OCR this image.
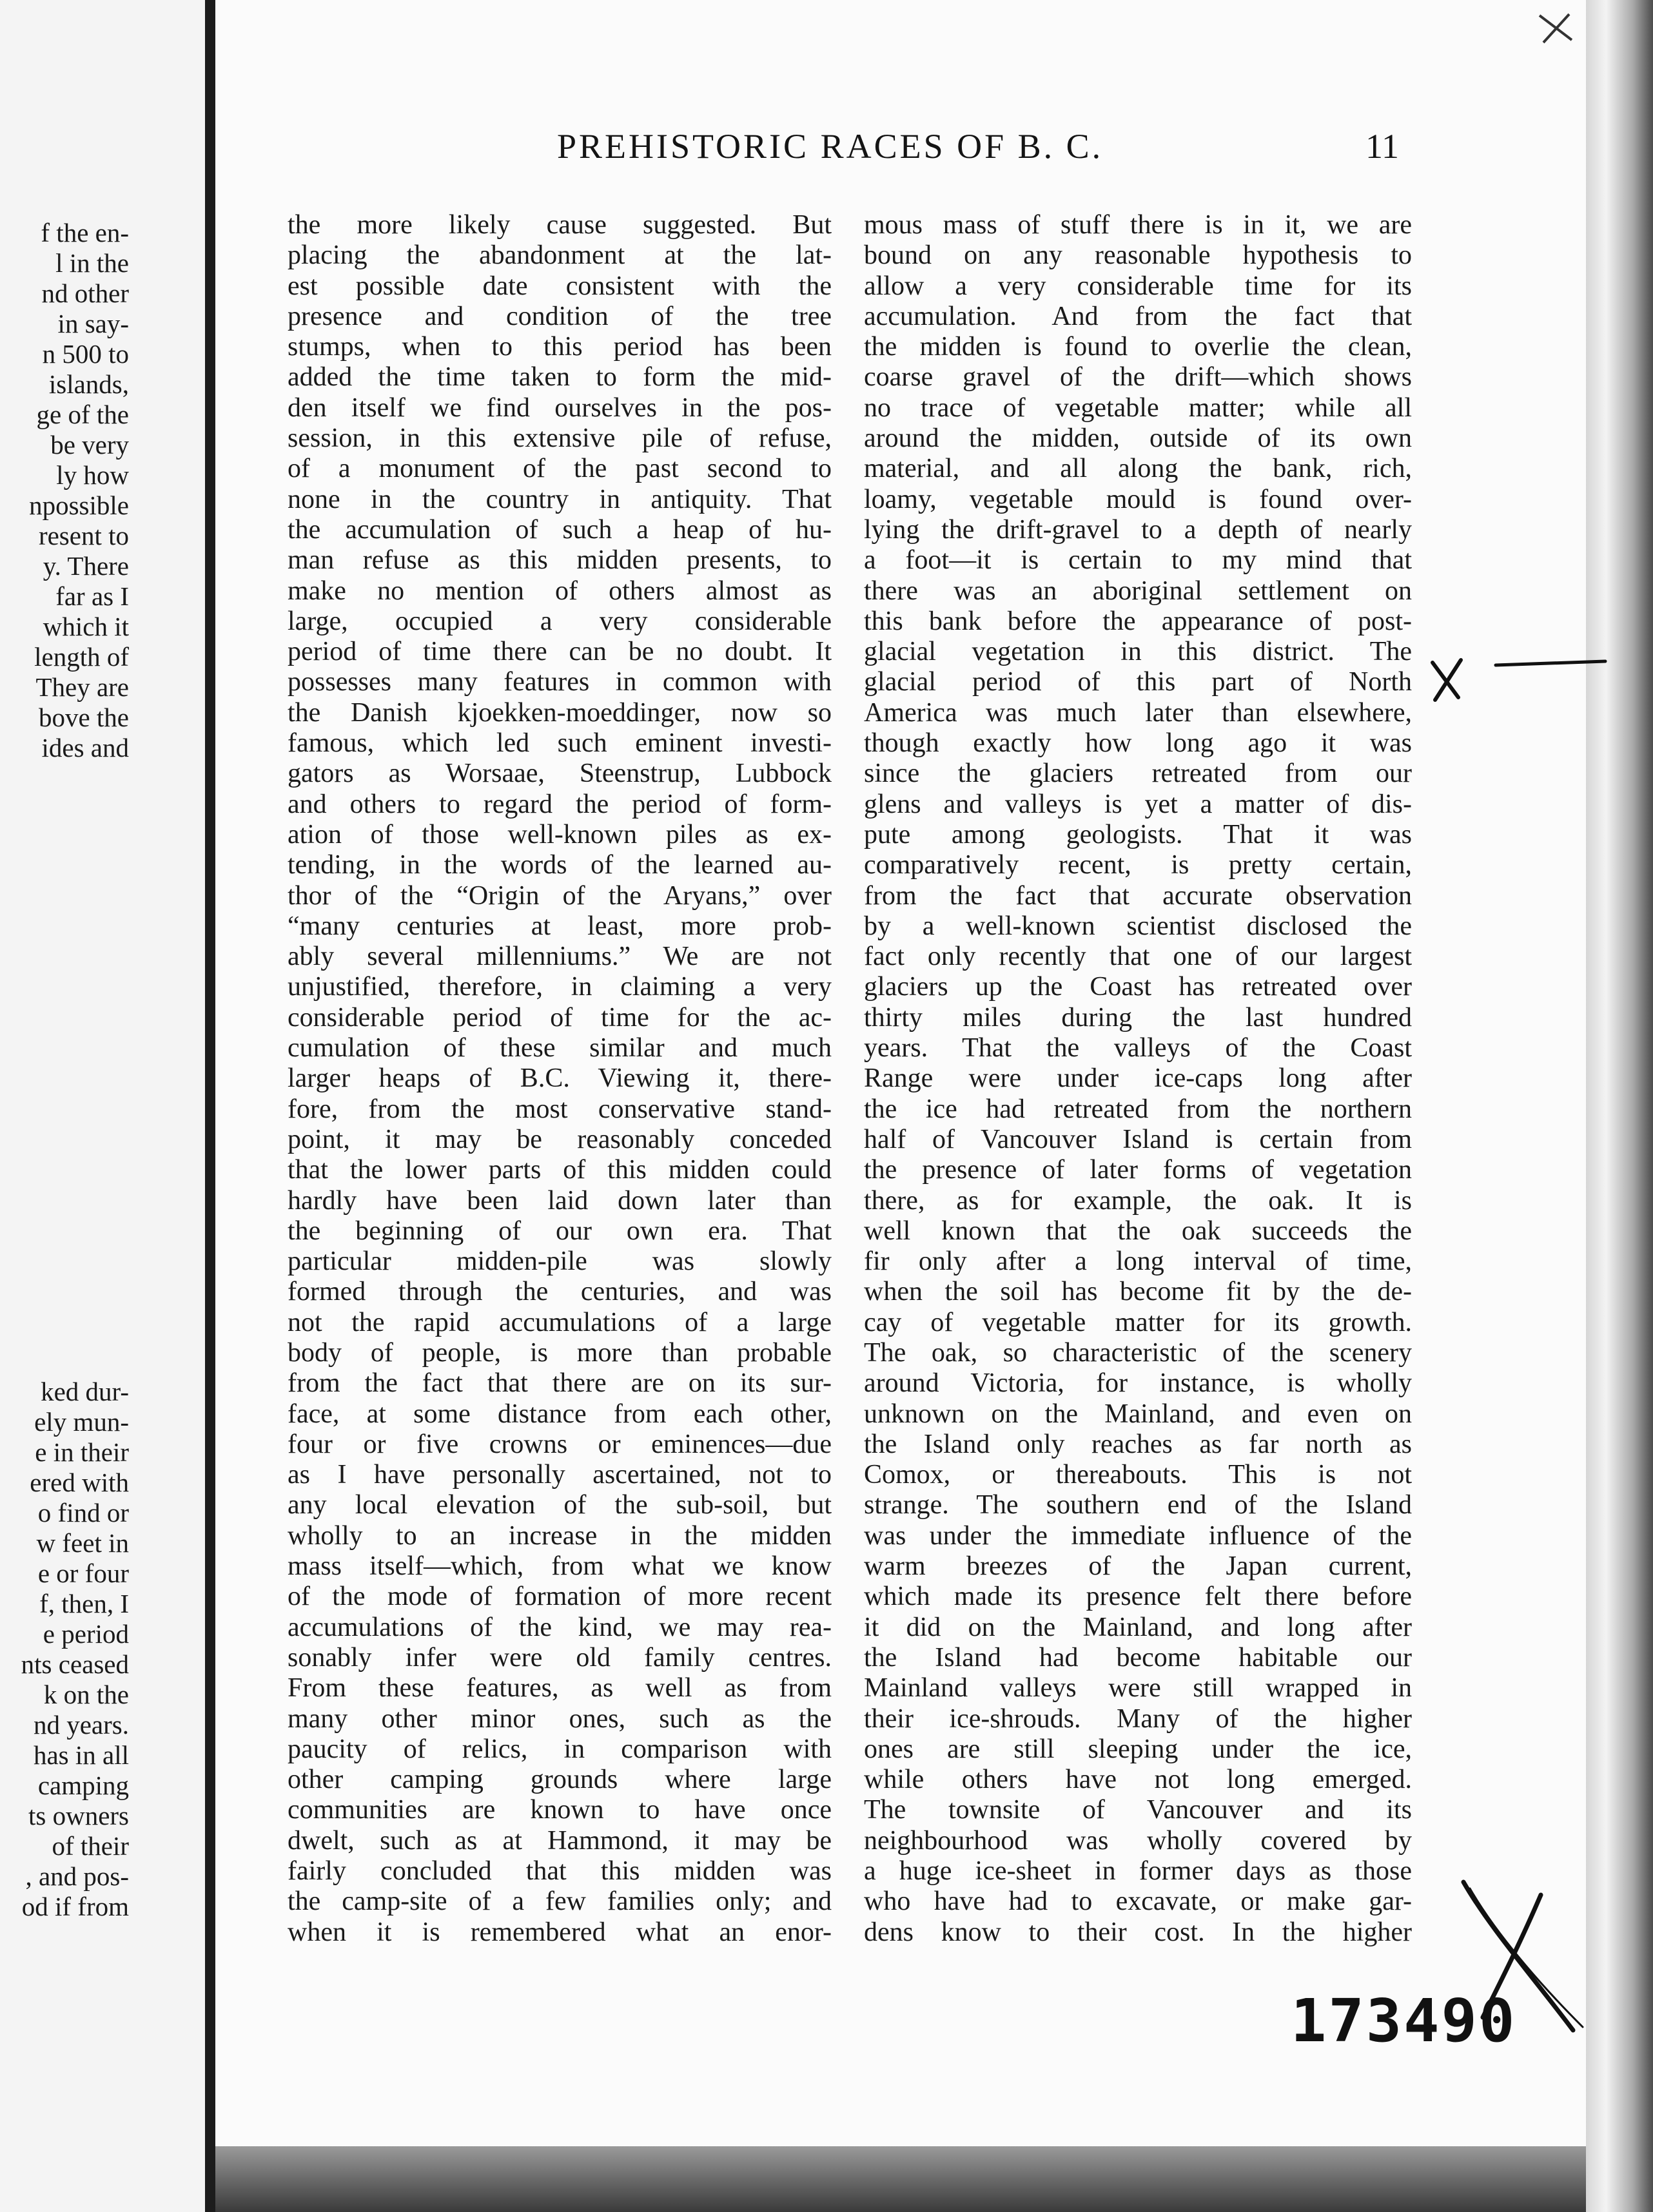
f the en-
l in the
nd other
in say-
n 500 to
islands,
ge of the
be very
ly how
npossible
resent to
y. There
far as I
which it
length of
They are
bove the
ides and
ked dur-
ely mun-
e in their
ered with
o find or
w feet in
e or four
f, then, I
e period
nts ceased
k on the
nd years.
has in all
camping
ts owners
of their
, and pos-
od if from
PREHISTORIC RACES OF B. C.	11
the more likely cause suggested. But
placing the abandonment at the lat-
est possible date consistent with the
presence and condition of the tree
stumps, when to this period has been
added the time taken to form the mid-
den itself we find ourselves in the pos-
session, in this extensive pile of refuse,
of a monument of the past second to
none in the country in antiquity. That
the accumulation of such a heap of hu-
man refuse as this midden presents, to
make no mention of others almost as
large, occupied a very considerable
period of time there can be no doubt. It
possesses many features in common with
the Danish kjoekken-moeddinger, now so
famous, which led such eminent investi-
gators as Worsaae, Steenstrup, Lubbock
and others to regard the period of form-
ation of those well-known piles as ex-
tending, in the words of the learned au-
thor of the “Origin of the Aryans,” over
“many centuries at least, more prob-
ably several millenniums.” We are not
unjustified, therefore, in claiming a very
considerable period of time for the ac-
cumulation of these similar and much
larger heaps of B.C. Viewing it, there-
fore, from the most conservative stand-
point, it may be reasonably conceded
that the lower parts of this midden could
hardly have been laid down later than
the beginning of our own era. That
particular midden-pile was slowly
formed through the centuries, and was
not the rapid accumulations of a large
body of people, is more than probable
from the fact that there are on its sur-
face, at some distance from each other,
four or five crowns or eminences—due
as I have personally ascertained, not to
any local elevation of the sub-soil, but
wholly to an increase in the midden
mass itself—which, from what we know
of the mode of formation of more recent
accumulations of the kind, we may rea-
sonably infer were old family centres.
From these features, as well as from
many other minor ones, such as the
paucity of relics, in comparison with
other camping grounds where large
communities are known to have once
dwelt, such as at Hammond, it may be
fairly concluded that this midden was
the camp-site of a few families only; and
when it is remembered what an enor-
mous mass of stuff there is in it, we are
bound on any reasonable hypothesis to
allow a very considerable time for its
accumulation. And from the fact that
the midden is found to overlie the clean,
coarse gravel of the drift—which shows
no trace of vegetable matter; while all
around the midden, outside of its own
material, and all along the bank, rich,
loamy, vegetable mould is found over-
lying the drift-gravel to a depth of nearly
a foot—it is certain to my mind that
there was an aboriginal settlement on
this bank before the appearance of post-
glacial vegetation in this district. The
glacial period of this part of North
America was much later than elsewhere,
though exactly how long ago it was
since the glaciers retreated from our
glens and valleys is yet a matter of dis-
pute among geologists. That it was
comparatively recent, is pretty certain,
from the fact that accurate observation
by a well-known scientist disclosed the
fact only recently that one of our largest
glaciers up the Coast has retreated over
thirty miles during the last hundred
years. That the valleys of the Coast
Range were under ice-caps long after
the ice had retreated from the northern
half of Vancouver Island is certain from
the presence of later forms of vegetation
there, as for example, the oak. It is
well known that the oak succeeds the
fir only after a long interval of time,
when the soil has become fit by the de-
cay of vegetable matter for its growth.
The oak, so characteristic of the scenery
around Victoria, for instance, is wholly
unknown on the Mainland, and even on
the Island only reaches as far north as
Comox, or thereabouts. This is not
strange. The southern end of the Island
was under the immediate influence of the
warm breezes of the Japan current,
which made its presence felt there before
it did on the Mainland, and long after
the Island had become habitable our
Mainland valleys were still wrapped in
their ice-shrouds. Many of the higher
ones are still sleeping under the ice,
while others have not long emerged.
The townsite of Vancouver and its
neighbourhood was wholly covered by
a huge ice-sheet in former days as those
who have had to excavate, or make gar-
dens know to their cost. In the higher
173490
